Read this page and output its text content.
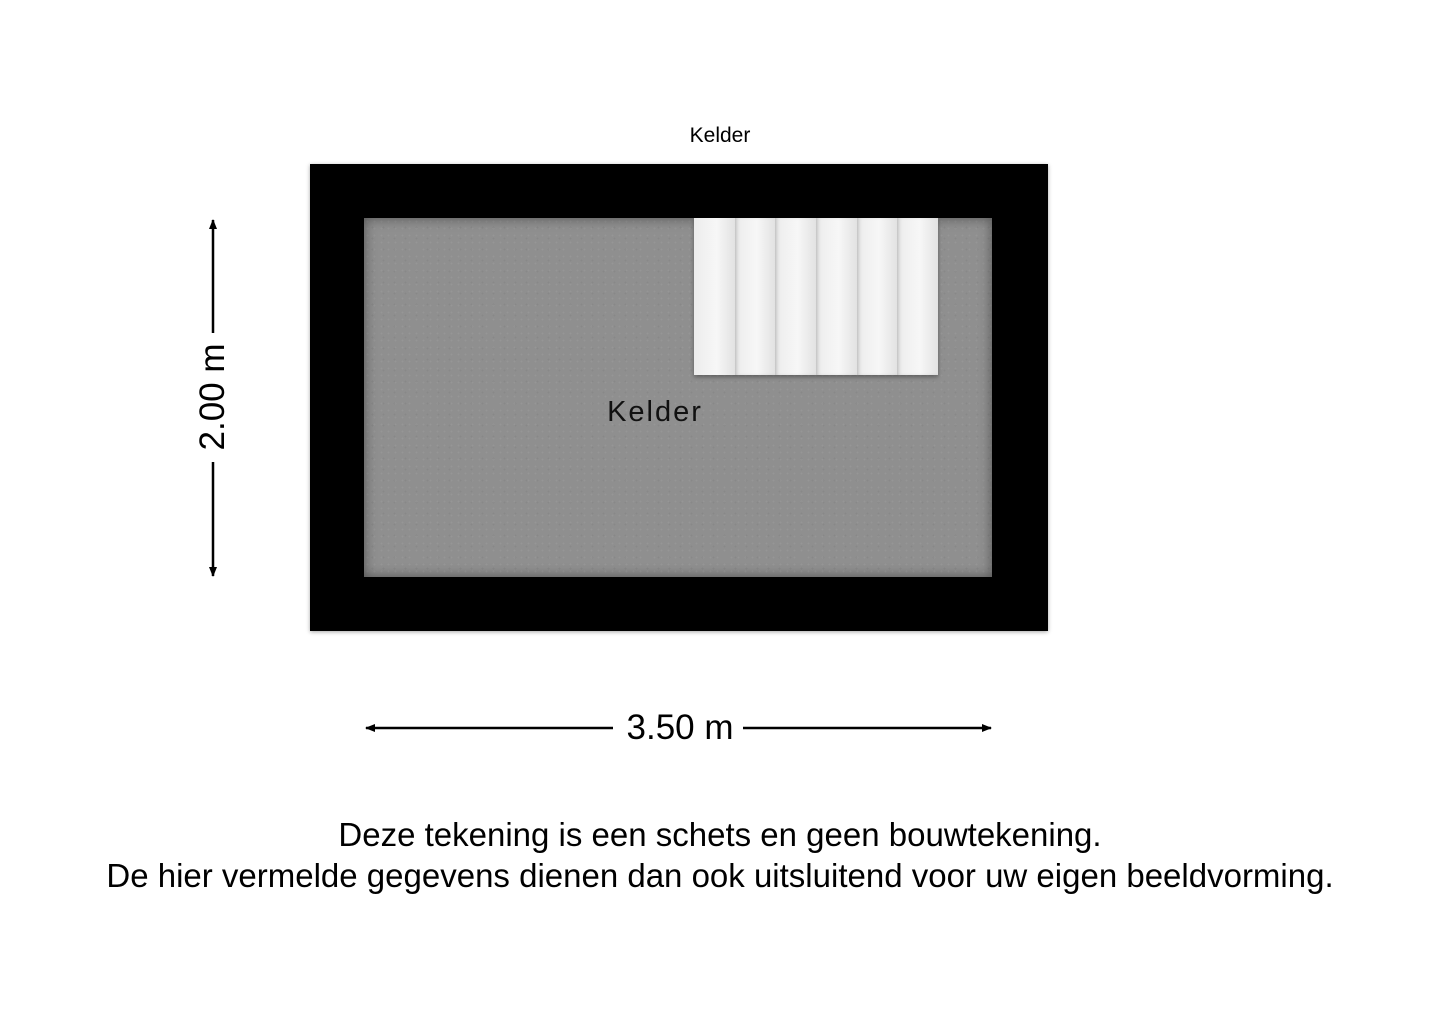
Kelder
Kelder
3.50 m
2.00 m
Deze tekening is een schets en geen bouwtekening.
De hier vermelde gegevens dienen dan ook uitsluitend voor uw eigen beeldvorming.
